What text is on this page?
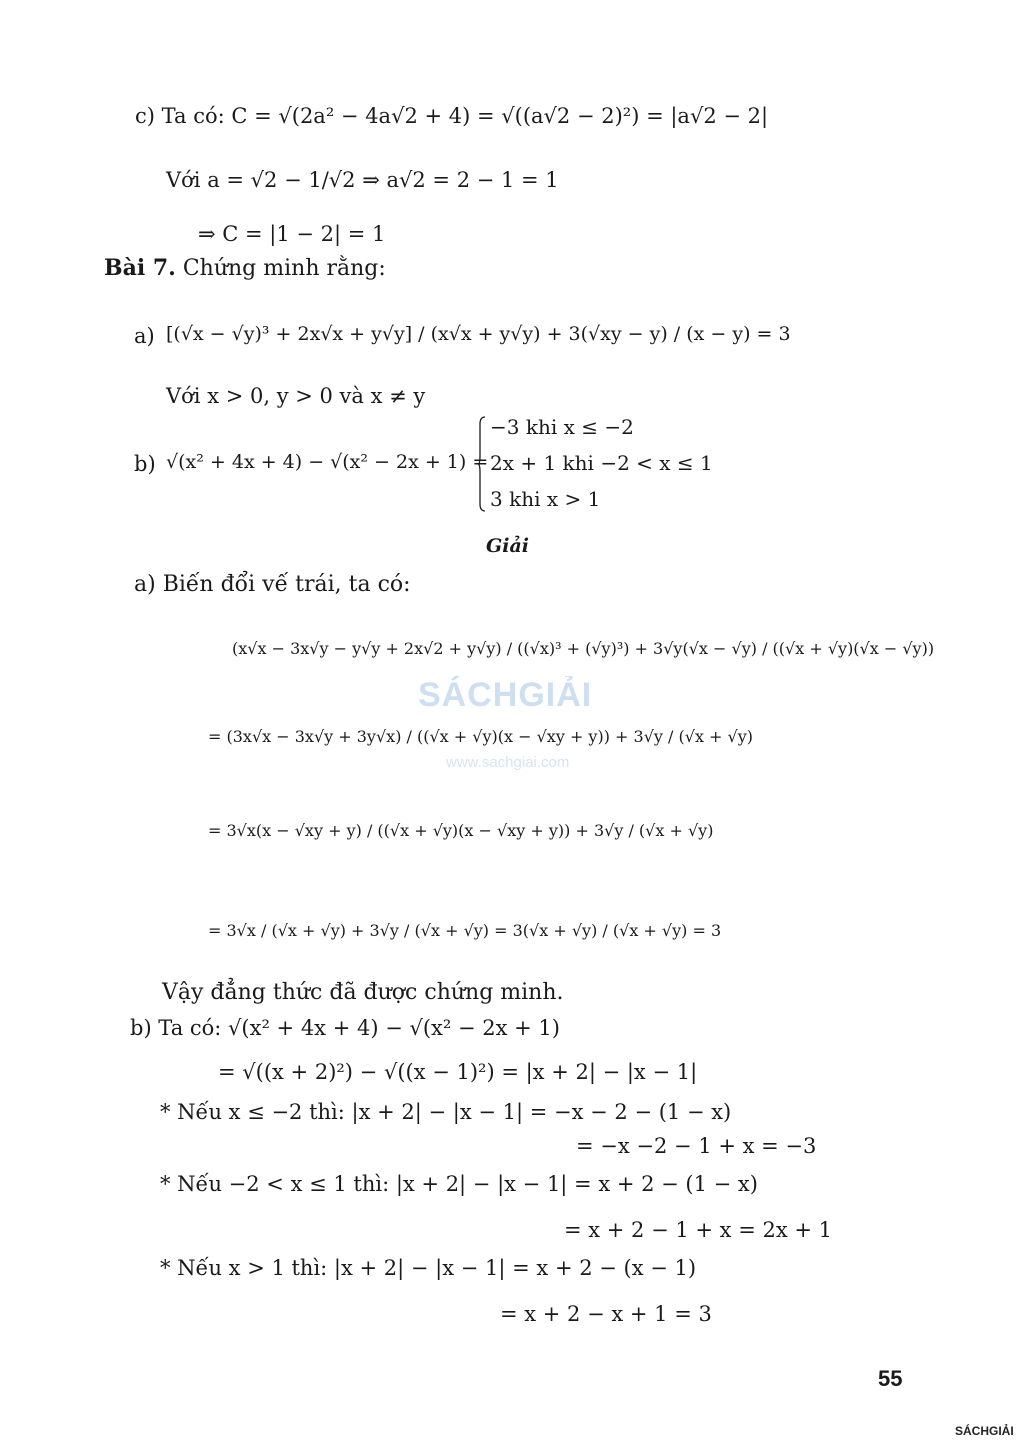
c) Ta có: C = √(2a² − 4a√2 + 4) = √((a√2 − 2)²) = |a√2 − 2|
Với a = √2 − 1/√2 ⇒ a√2 = 2 − 1 = 1
⇒ C = |1 − 2| = 1
Bài 7. Chứng minh rằng:
a) [(√x − √y)³ + 2x√x + y√y] / (x√x + y√y) + 3(√xy − y) / (x − y) = 3
Với x > 0, y > 0 và x ≠ y
b) √(x² + 4x + 4) − √(x² − 2x + 1) =
−3 khi x ≤ −2
2x + 1 khi −2 < x ≤ 1
3 khi x > 1
Giải
a) Biến đổi vế trái, ta có:
(x√x − 3x√y − y√y + 2x√2 + y√y) / ((√x)³ + (√y)³) + 3√y(√x − √y) / ((√x + √y)(√x − √y))
= (3x√x − 3x√y + 3y√x) / ((√x + √y)(x − √xy + y)) + 3√y / (√x + √y)
= 3√x(x − √xy + y) / ((√x + √y)(x − √xy + y)) + 3√y / (√x + √y)
= 3√x / (√x + √y) + 3√y / (√x + √y) = 3(√x + √y) / (√x + √y) = 3
Vậy đẳng thức đã được chứng minh.
b) Ta có: √(x² + 4x + 4) − √(x² − 2x + 1)
= √((x + 2)²) − √((x − 1)²) = |x + 2| − |x − 1|
* Nếu x ≤ −2 thì: |x + 2| − |x − 1| = −x − 2 − (1 − x)
= −x −2 − 1 + x = −3
* Nếu −2 < x ≤ 1 thì: |x + 2| − |x − 1| = x + 2 − (1 − x)
= x + 2 − 1 + x = 2x + 1
* Nếu x > 1 thì: |x + 2| − |x − 1| = x + 2 − (x − 1)
= x + 2 − x + 1 = 3
SÁCHGIẢI
www.sachgiai.com
55
SÁCHGIẢI
